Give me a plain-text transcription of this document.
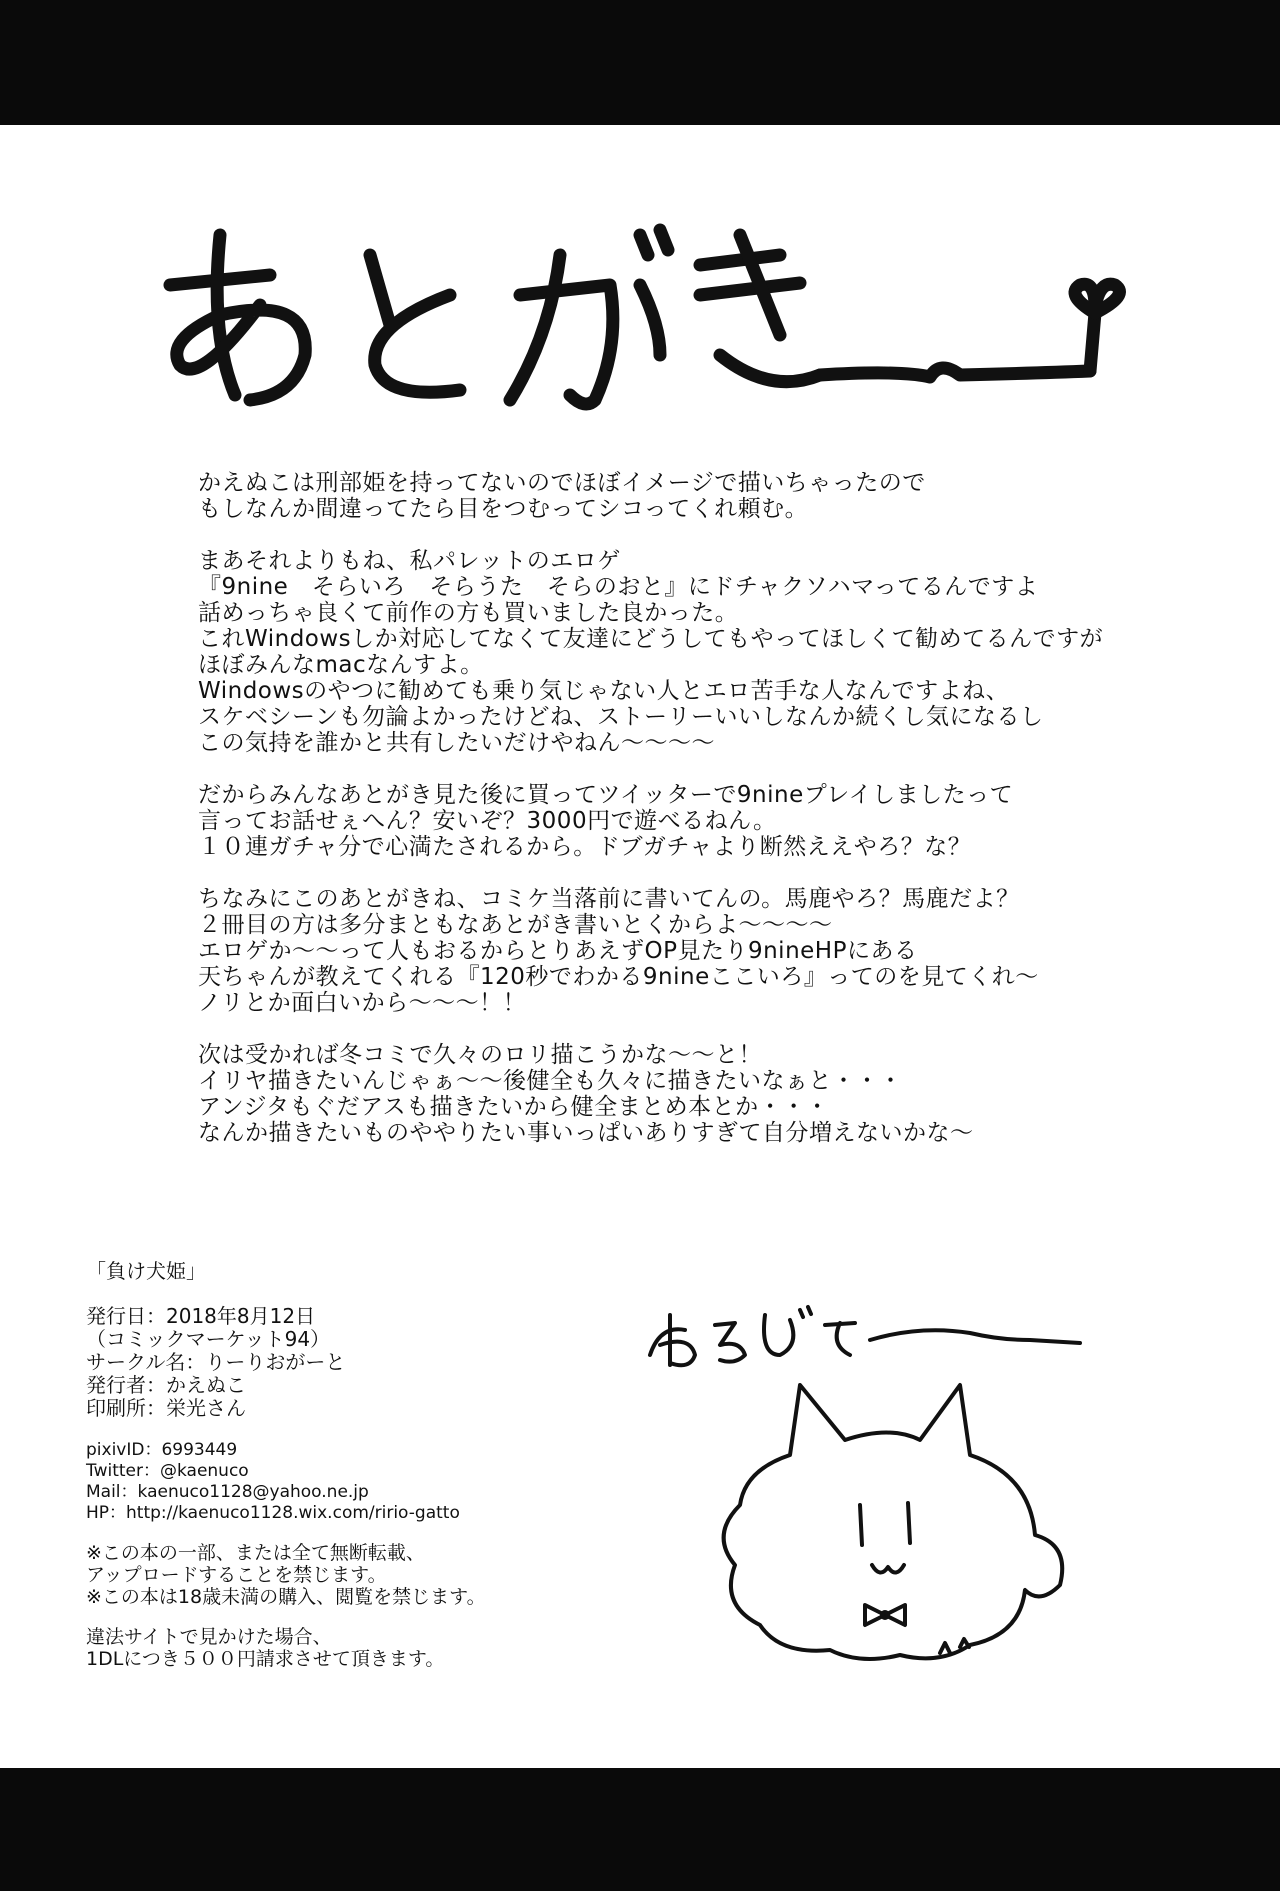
かえぬこは刑部姫を持ってないのでほぼイメージで描いちゃったので
もしなんか間違ってたら目をつむってシコってくれ頼む。
まあそれよりもね、私パレットのエロゲ
『9nine　そらいろ　そらうた　そらのおと』にドチャクソハマってるんですよ
話めっちゃ良くて前作の方も買いました良かった。
これWindowsしか対応してなくて友達にどうしてもやってほしくて勧めてるんですが
ほぼみんなmacなんすよ。
Windowsのやつに勧めても乗り気じゃない人とエロ苦手な人なんですよね、
スケベシーンも勿論よかったけどね、ストーリーいいしなんか続くし気になるし
この気持を誰かと共有したいだけやねん～～～～
だからみんなあとがき見た後に買ってツイッターで9nineプレイしましたって
言ってお話せぇへん？安いぞ？3000円で遊べるねん。
１０連ガチャ分で心満たされるから。ドブガチャより断然ええやろ？な？
ちなみにこのあとがきね、コミケ当落前に書いてんの。馬鹿やろ？馬鹿だよ？
２冊目の方は多分まともなあとがき書いとくからよ～～～～
エロゲか～～って人もおるからとりあえずOP見たり9nineHPにある
天ちゃんが教えてくれる『120秒でわかる9nineここいろ』ってのを見てくれ～
ノリとか面白いから～～～！！
次は受かれば冬コミで久々のロリ描こうかな～～と！
イリヤ描きたいんじゃぁ～～後健全も久々に描きたいなぁと・・・
アンジタもぐだアスも描きたいから健全まとめ本とか・・・
なんか描きたいものややりたい事いっぱいありすぎて自分増えないかな～
「負け犬姫」
発行日：2018年8月12日
（コミックマーケット94）
サークル名：りーりおがーと
発行者：かえぬこ
印刷所：栄光さん
pixivID：6993449
Twitter：@kaenuco
Mail：kaenuco1128@yahoo.ne.jp
HP：http://kaenuco1128.wix.com/ririo-gatto
※この本の一部、または全て無断転載、
アップロードすることを禁じます。
※この本は18歳未満の購入、閲覧を禁じます。
違法サイトで見かけた場合、
1DLにつき５００円請求させて頂きます。
